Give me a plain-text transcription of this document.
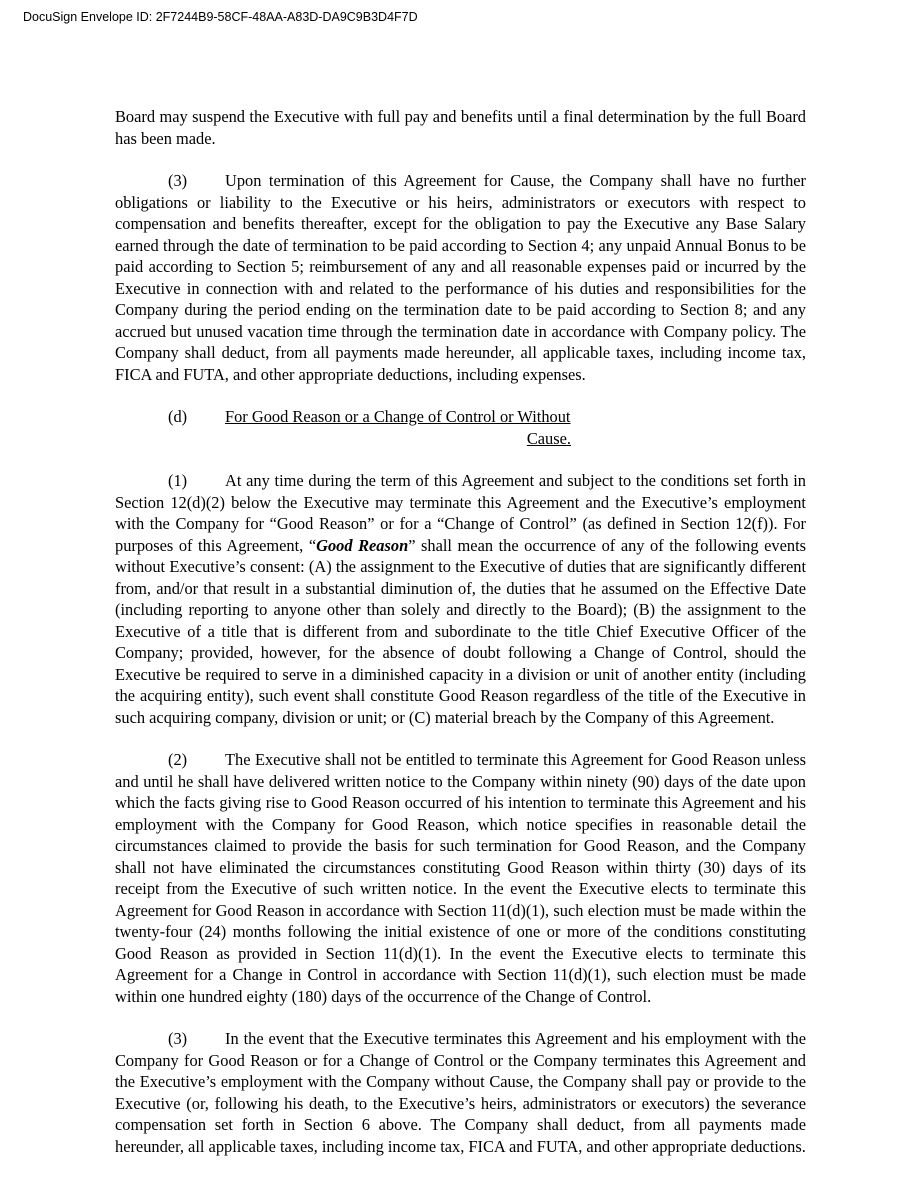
DocuSign Envelope ID: 2F7244B9-58CF-48AA-A83D-DA9C9B3D4F7D

Board may suspend the Executive with full pay and benefits until a final determination by the full Board has been made.

(3) Upon termination of this Agreement for Cause, the Company shall have no further obligations or liability to the Executive or his heirs, administrators or executors with respect to compensation and benefits thereafter, except for the obligation to pay the Executive any Base Salary earned through the date of termination to be paid according to Section 4; any unpaid Annual Bonus to be paid according to Section 5; reimbursement of any and all reasonable expenses paid or incurred by the Executive in connection with and related to the performance of his duties and responsibilities for the Company during the period ending on the termination date to be paid according to Section 8; and any accrued but unused vacation time through the termination date in accordance with Company policy. The Company shall deduct, from all payments made hereunder, all applicable taxes, including income tax, FICA and FUTA, and other appropriate deductions, including expenses.

(d) For Good Reason or a Change of Control or Without
Cause.

(1) At any time during the term of this Agreement and subject to the conditions set forth in Section 12(d)(2) below the Executive may terminate this Agreement and the Executive’s employment with the Company for “Good Reason” or for a “Change of Control” (as defined in Section 12(f)). For purposes of this Agreement, “Good Reason” shall mean the occurrence of any of the following events without Executive’s consent: (A) the assignment to the Executive of duties that are significantly different from, and/or that result in a substantial diminution of, the duties that he assumed on the Effective Date (including reporting to anyone other than solely and directly to the Board); (B) the assignment to the Executive of a title that is different from and subordinate to the title Chief Executive Officer of the Company; provided, however, for the absence of doubt following a Change of Control, should the Executive be required to serve in a diminished capacity in a division or unit of another entity (including the acquiring entity), such event shall constitute Good Reason regardless of the title of the Executive in such acquiring company, division or unit; or (C) material breach by the Company of this Agreement.

(2) The Executive shall not be entitled to terminate this Agreement for Good Reason unless and until he shall have delivered written notice to the Company within ninety (90) days of the date upon which the facts giving rise to Good Reason occurred of his intention to terminate this Agreement and his employment with the Company for Good Reason, which notice specifies in reasonable detail the circumstances claimed to provide the basis for such termination for Good Reason, and the Company shall not have eliminated the circumstances constituting Good Reason within thirty (30) days of its receipt from the Executive of such written notice. In the event the Executive elects to terminate this Agreement for Good Reason in accordance with Section 11(d)(1), such election must be made within the twenty-four (24) months following the initial existence of one or more of the conditions constituting Good Reason as provided in Section 11(d)(1). In the event the Executive elects to terminate this Agreement for a Change in Control in accordance with Section 11(d)(1), such election must be made within one hundred eighty (180) days of the occurrence of the Change of Control.

(3) In the event that the Executive terminates this Agreement and his employment with the Company for Good Reason or for a Change of Control or the Company terminates this Agreement and the Executive’s employment with the Company without Cause, the Company shall pay or provide to the Executive (or, following his death, to the Executive’s heirs, administrators or executors) the severance compensation set forth in Section 6 above. The Company shall deduct, from all payments made hereunder, all applicable taxes, including income tax, FICA and FUTA, and other appropriate deductions.
